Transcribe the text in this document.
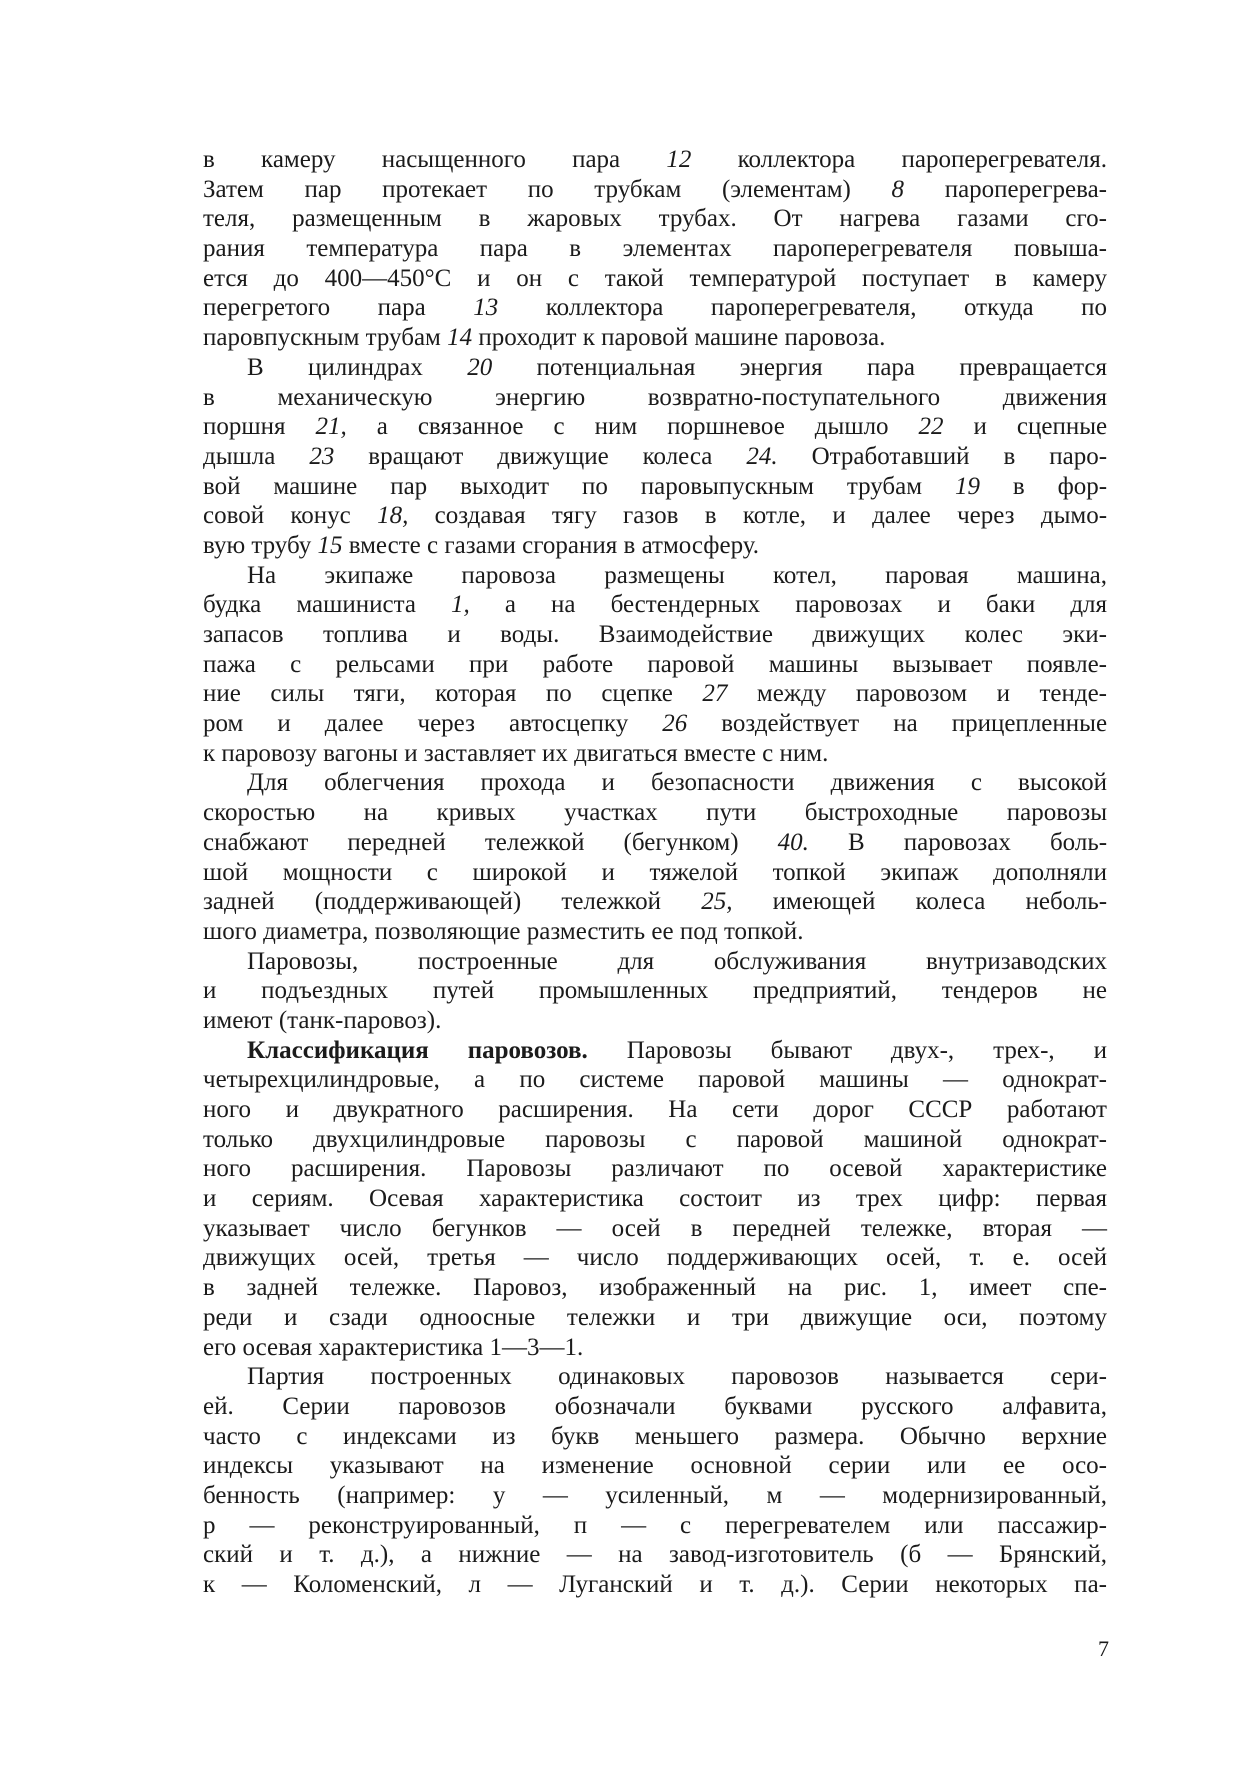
в камеру насыщенного пара 12 коллектора пароперегревателя.
Затем пар протекает по трубкам (элементам) 8 пароперегрева-
теля, размещенным в жаровых трубах. От нагрева газами сго-
рания температура пара в элементах пароперегревателя повыша-
ется до 400—450°С и он с такой температурой поступает в камеру
перегретого пара 13 коллектора пароперегревателя, откуда по
паровпускным трубам 14 проходит к паровой машине паровоза.
В цилиндрах 20 потенциальная энергия пара превращается
в механическую энергию возвратно-поступательного движения
поршня 21, а связанное с ним поршневое дышло 22 и сцепные
дышла 23 вращают движущие колеса 24. Отработавший в паро-
вой машине пар выходит по паровыпускным трубам 19 в фор-
совой конус 18, создавая тягу газов в котле, и далее через дымо-
вую трубу 15 вместе с газами сгорания в атмосферу.
На экипаже паровоза размещены котел, паровая машина,
будка машиниста 1, а на бестендерных паровозах и баки для
запасов топлива и воды. Взаимодействие движущих колес эки-
пажа с рельсами при работе паровой машины вызывает появле-
ние силы тяги, которая по сцепке 27 между паровозом и тенде-
ром и далее через автосцепку 26 воздействует на прицепленные
к паровозу вагоны и заставляет их двигаться вместе с ним.
Для облегчения прохода и безопасности движения с высокой
скоростью на кривых участках пути быстроходные паровозы
снабжают передней тележкой (бегунком) 40. В паровозах боль-
шой мощности с широкой и тяжелой топкой экипаж дополняли
задней (поддерживающей) тележкой 25, имеющей колеса неболь-
шого диаметра, позволяющие разместить ее под топкой.
Паровозы, построенные для обслуживания внутризаводских
и подъездных путей промышленных предприятий, тендеров не
имеют (танк-паровоз).
Классификация паровозов. Паровозы бывают двух-, трех-, и
четырехцилиндровые, а по системе паровой машины — однократ-
ного и двукратного расширения. На сети дорог СССР работают
только двухцилиндровые паровозы с паровой машиной однократ-
ного расширения. Паровозы различают по осевой характеристике
и сериям. Осевая характеристика состоит из трех цифр: первая
указывает число бегунков — осей в передней тележке, вторая —
движущих осей, третья — число поддерживающих осей, т. е. осей
в задней тележке. Паровоз, изображенный на рис. 1, имеет спе-
реди и сзади одноосные тележки и три движущие оси, поэтому
его осевая характеристика 1—3—1.
Партия построенных одинаковых паровозов называется сери-
ей. Серии паровозов обозначали буквами русского алфавита,
часто с индексами из букв меньшего размера. Обычно верхние
индексы указывают на изменение основной серии или ее осо-
бенность (например: у — усиленный, м — модернизированный,
р — реконструированный, п — с перегревателем или пассажир-
ский и т. д.), а нижние — на завод-изготовитель (б — Брянский,
к — Коломенский, л — Луганский и т. д.). Серии некоторых па-
7
